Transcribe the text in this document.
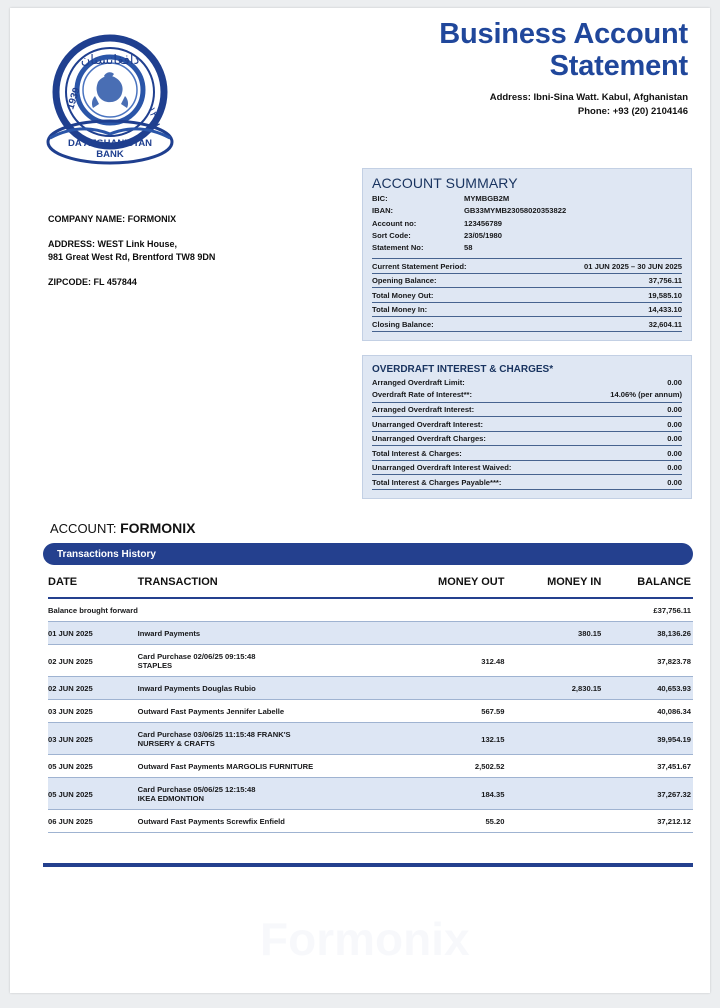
دافغانستان
1939
١٣١٨
DA AFGHANISTAN
BANK
Business Account
Statement
Address: Ibni-Sina Watt. Kabul, Afghanistan
Phone: +93 (20) 2104146
COMPANY NAME: FORMONIX
ADDRESS: WEST Link House,
981 Great West Rd, Brentford TW8 9DN
ZIPCODE: FL 457844
ACCOUNT SUMMARY
BIC:	MYMBGB2M
IBAN:	GB33MYMB23058020353822
Account no:	123456789
Sort Code:	23/05/1980
Statement No:	58
Current Statement Period:	01 JUN 2025 – 30 JUN 2025
Opening Balance:	37,756.11
Total Money Out:	19,585.10
Total Money In:	14,433.10
Closing Balance:	32,604.11
OVERDRAFT INTEREST & CHARGES*
Arranged Overdraft Limit:	0.00
Overdraft Rate of Interest**:	14.06% (per annum)
Arranged Overdraft Interest:	0.00
Unarranged Overdraft Interest:	0.00
Unarranged Overdraft Charges:	0.00
Total Interest & Charges:	0.00
Unarranged Overdraft Interest Waived:	0.00
Total Interest & Charges Payable***:	0.00
ACCOUNT: FORMONIX
Transactions History
DATE	TRANSACTION	MONEY OUT	MONEY IN	BALANCE
Balance brought forward				£37,756.11
01 JUN 2025	Inward Payments		380.15	38,136.26
02 JUN 2025	Card Purchase 02/06/25 09:15:48
STAPLES	312.48		37,823.78
02 JUN 2025	Inward Payments Douglas Rubio		2,830.15	40,653.93
03 JUN 2025	Outward Fast Payments Jennifer Labelle	567.59		40,086.34
03 JUN 2025	Card Purchase 03/06/25 11:15:48 FRANK'S
NURSERY & CRAFTS	132.15		39,954.19
05 JUN 2025	Outward Fast Payments MARGOLIS FURNITURE	2,502.52		37,451.67
05 JUN 2025	Card Purchase 05/06/25 12:15:48
IKEA EDMONTION	184.35		37,267.32
06 JUN 2025	Outward Fast Payments Screwfix Enfield	55.20		37,212.12
Formonix
